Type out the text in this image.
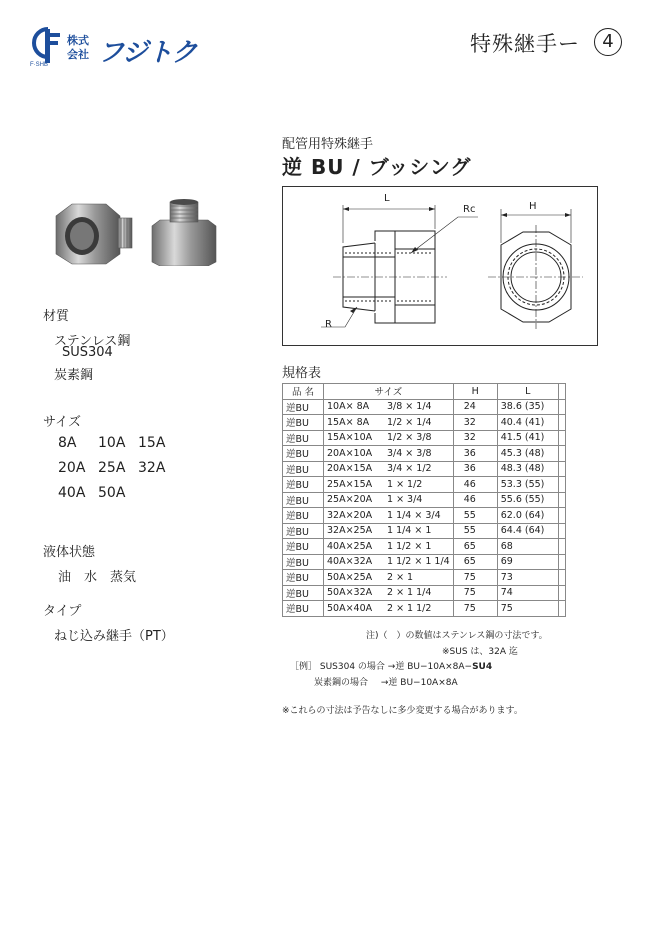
F·SHB
株式
会社 フジトク	特殊継手ー	4
配管用特殊継手
逆 BU / ブッシング
L
H
Rc
R
材質
ステンレス鋼
SUS304
炭素鋼
サイズ
8A 10A 15A
20A 25A 32A
40A 50A
液体状態
油　水　蒸気
タイプ
ねじ込み継手（PT）
規格表
品 名	サイズ		H	L	
逆BU	10A× 8A	3/8 × 1/4	24	38.6 (35)	
逆BU	15A× 8A	1/2 × 1/4	32	40.4 (41)	
逆BU	15A×10A	1/2 × 3/8	32	41.5 (41)	
逆BU	20A×10A	3/4 × 3/8	36	45.3 (48)	
逆BU	20A×15A	3/4 × 1/2	36	48.3 (48)	
逆BU	25A×15A	1 × 1/2	46	53.3 (55)	
逆BU	25A×20A	1 × 3/4	46	55.6 (55)	
逆BU	32A×20A	1 1/4 × 3/4	55	62.0 (64)	
逆BU	32A×25A	1 1/4 × 1	55	64.4 (64)	
逆BU	40A×25A	1 1/2 × 1	65	68	
逆BU	40A×32A	1 1/2 × 1 1/4	65	69	
逆BU	50A×25A	2 × 1	75	73	
逆BU	50A×32A	2 × 1 1/4	75	74	
逆BU	50A×40A	2 × 1 1/2	75	75	
注)（　）の数値はステンレス鋼の寸法です。
※SUS は、32A 迄
［例］ SUS304 の場合 →逆 BU−10A×8A−SU4
炭素鋼の場合 →逆 BU−10A×8A
※これらの寸法は予告なしに多少変更する場合があります。
